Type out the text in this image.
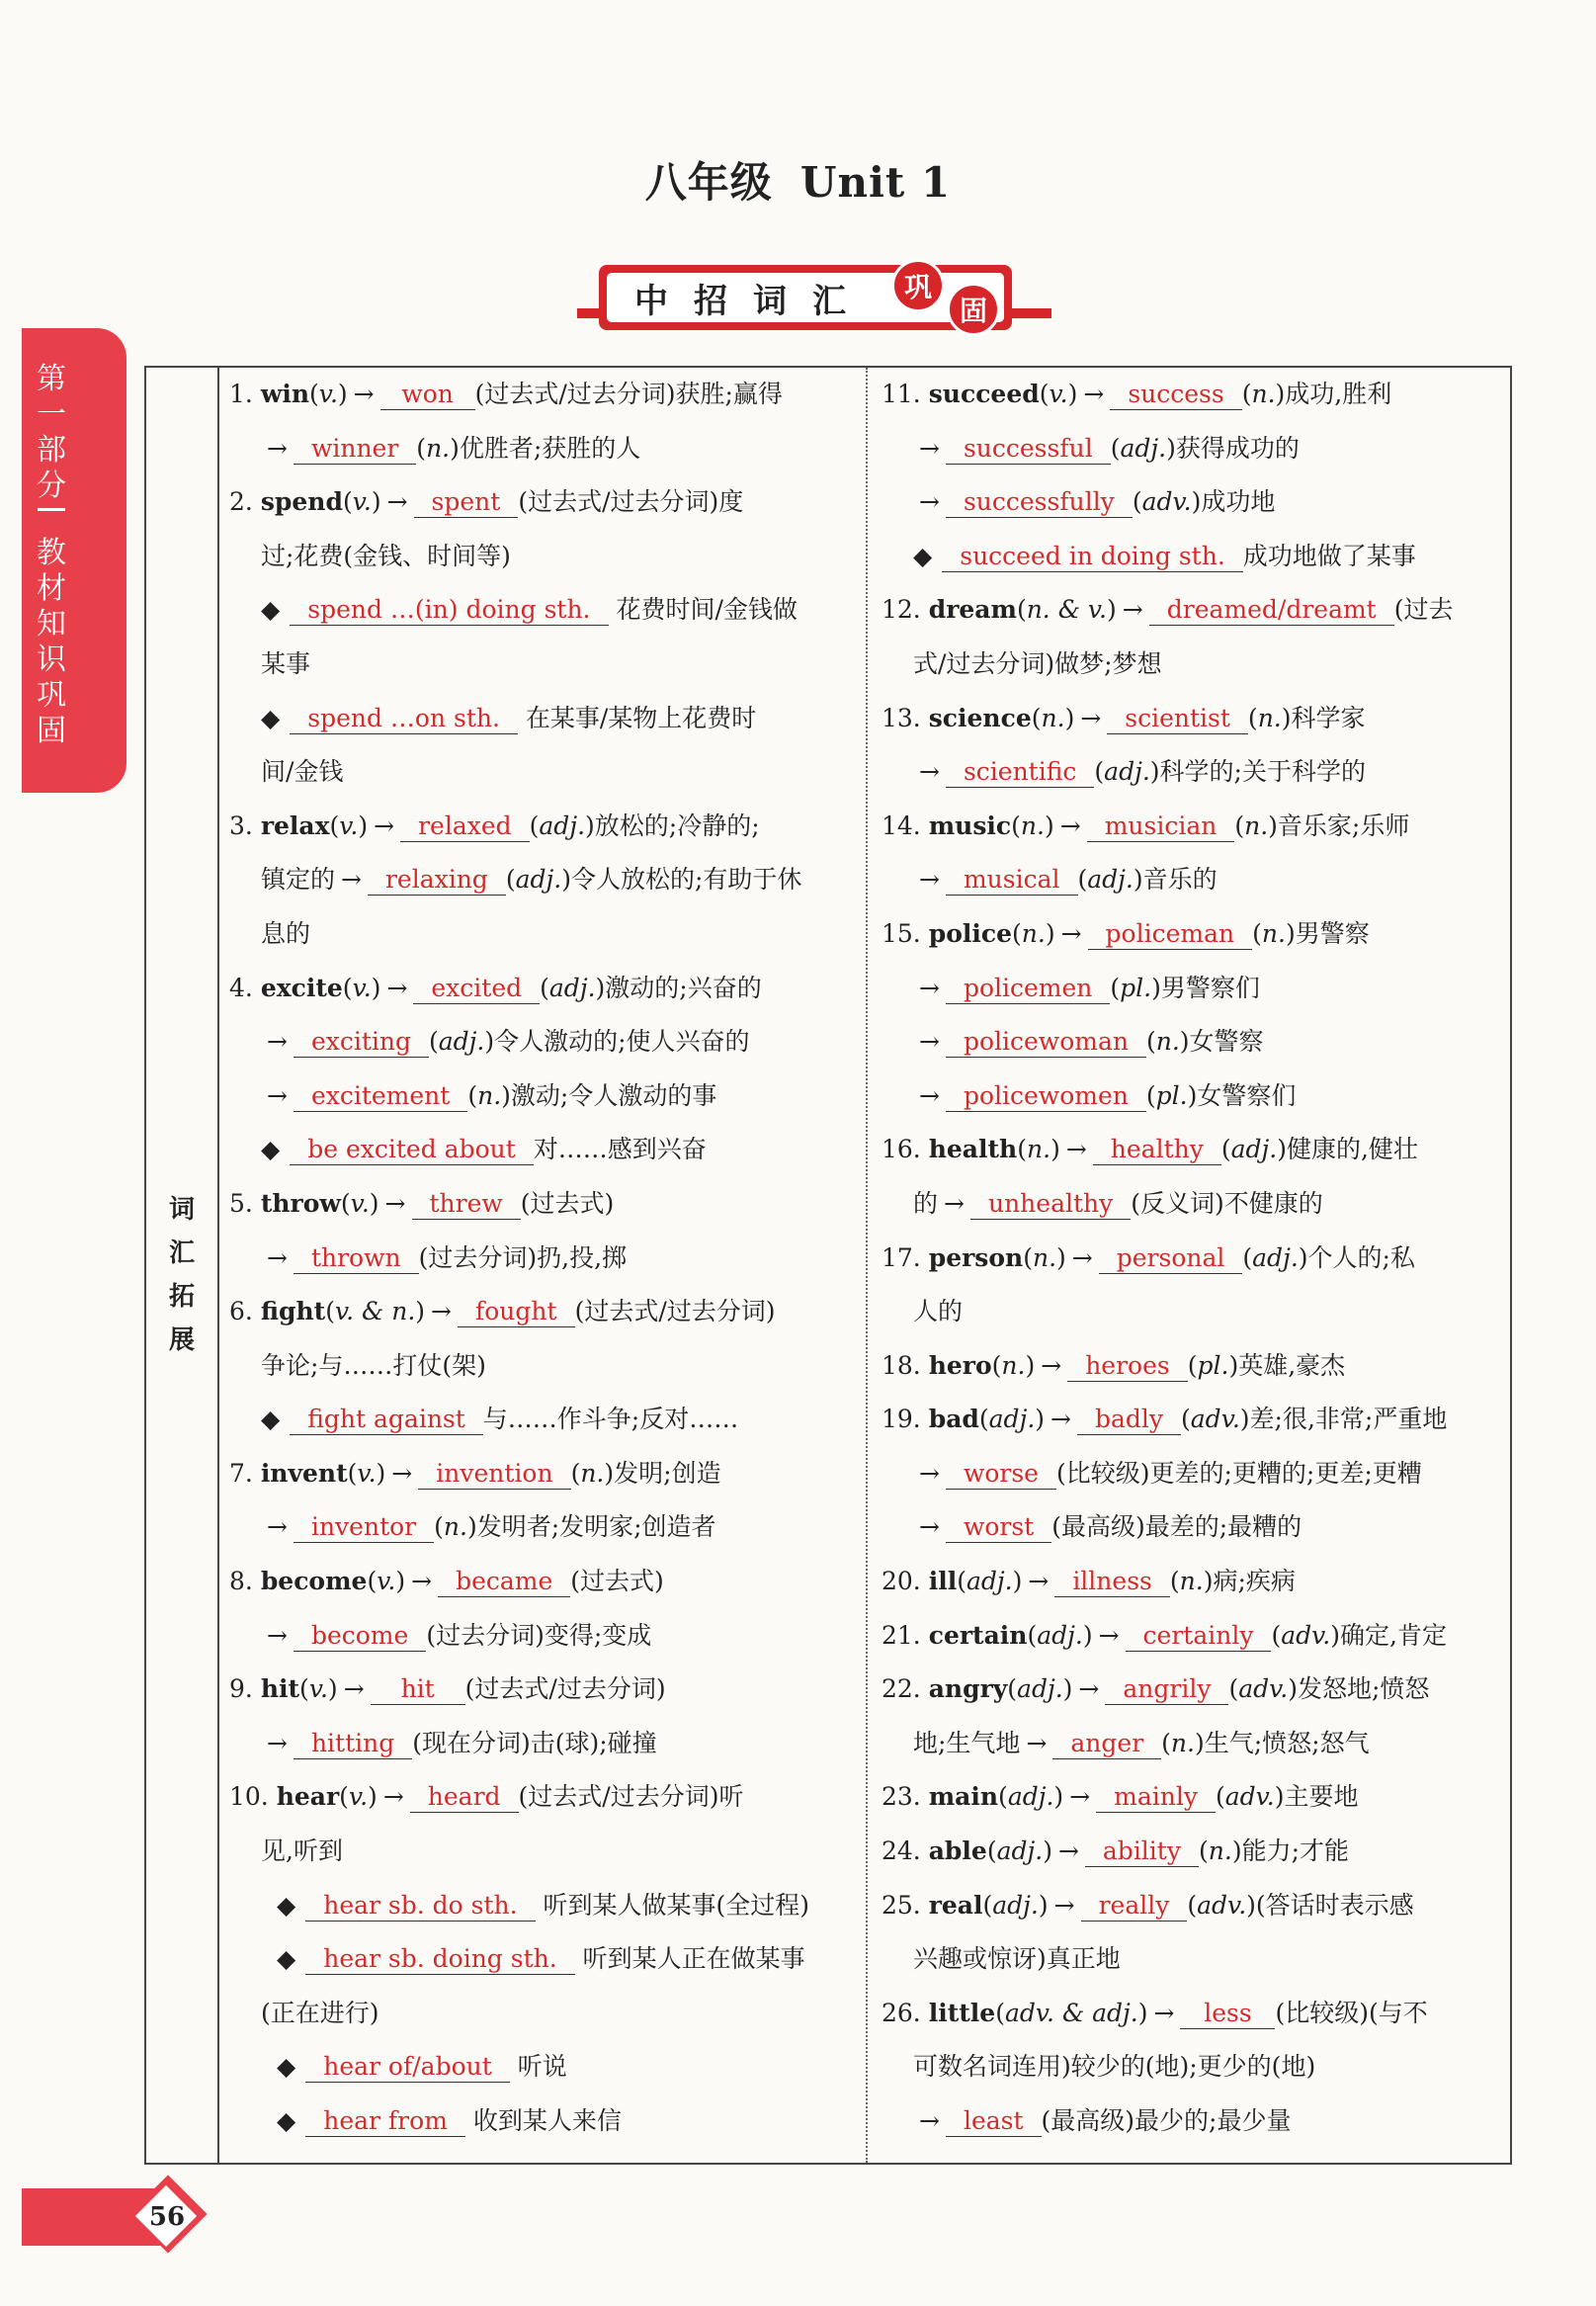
八年级 Unit 1
中 招 词 汇	巩
固
第
一
部
分
教
材
知
识
巩
固
词
汇
拓
展
1. win(v.) → won (过去式/过去分词)获胜;赢得
→ winner (n.)优胜者;获胜的人
2. spend(v.) → spent (过去式/过去分词)度
过;花费(金钱、时间等)
◆ spend …(in) doing sth. 花费时间/金钱做
某事
◆ spend …on sth. 在某事/某物上花费时
间/金钱
3. relax(v.) → relaxed (adj.)放松的;冷静的;
镇定的 → relaxing (adj.)令人放松的;有助于休
息的
4. excite(v.) → excited (adj.)激动的;兴奋的
→ exciting (adj.)令人激动的;使人兴奋的
→ excitement (n.)激动;令人激动的事
◆ be excited about 对……感到兴奋
5. throw(v.) → threw (过去式)
→ thrown (过去分词)扔,投,掷
6. fight(v. & n.) → fought (过去式/过去分词)
争论;与……打仗(架)
◆ fight against 与……作斗争;反对……
7. invent(v.) → invention (n.)发明;创造
→ inventor (n.)发明者;发明家;创造者
8. become(v.) → became (过去式)
→ become (过去分词)变得;变成
9. hit(v.) → hit (过去式/过去分词)
→ hitting (现在分词)击(球);碰撞
10. hear(v.) → heard (过去式/过去分词)听
见,听到
◆ hear sb. do sth. 听到某人做某事(全过程)
◆ hear sb. doing sth. 听到某人正在做某事
(正在进行)
◆ hear of/about 听说
◆ hear from 收到某人来信
11. succeed(v.) → success (n.)成功,胜利
→ successful (adj.)获得成功的
→ successfully (adv.)成功地
◆ succeed in doing sth. 成功地做了某事
12. dream(n. & v.) → dreamed/dreamt (过去
式/过去分词)做梦;梦想
13. science(n.) → scientist (n.)科学家
→ scientific (adj.)科学的;关于科学的
14. music(n.) → musician (n.)音乐家;乐师
→ musical (adj.)音乐的
15. police(n.) → policeman (n.)男警察
→ policemen (pl.)男警察们
→ policewoman (n.)女警察
→ policewomen (pl.)女警察们
16. health(n.) → healthy (adj.)健康的,健壮
的 → unhealthy (反义词)不健康的
17. person(n.) → personal (adj.)个人的;私
人的
18. hero(n.) → heroes (pl.)英雄,豪杰
19. bad(adj.) → badly (adv.)差;很,非常;严重地
→ worse (比较级)更差的;更糟的;更差;更糟
→ worst (最高级)最差的;最糟的
20. ill(adj.) → illness (n.)病;疾病
21. certain(adj.) → certainly (adv.)确定,肯定
22. angry(adj.) → angrily (adv.)发怒地;愤怒
地;生气地 → anger (n.)生气;愤怒;怒气
23. main(adj.) → mainly (adv.)主要地
24. able(adj.) → ability (n.)能力;才能
25. real(adj.) → really (adv.)(答话时表示感
兴趣或惊讶)真正地
26. little(adv. & adj.) → less (比较级)(与不
可数名词连用)较少的(地);更少的(地)
→ least (最高级)最少的;最少量
56
